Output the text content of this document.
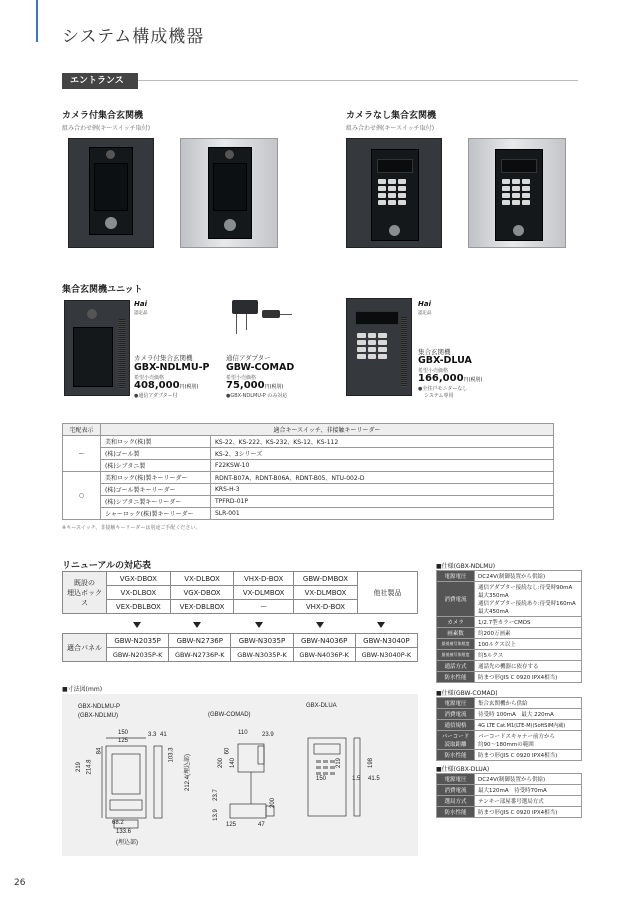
システム構成機器
エントランス
カメラ付集合玄関機
組み合わせ例(キースイッチ取付)
カメラなし集合玄関機
組み合わせ例(キースイッチ取付)
集合玄関機ユニット
Hai
認定品
カメラ付集合玄関機
GBX-NDLMU-P
希望小売価格
408,000円(税別)
●通信アダプター付
通信アダプター
GBW-COMAD
希望小売価格
75,000円(税別)
●GBX-NDLMU-P のみ対応
Hai
認定品
集合玄関機
GBX-DLUA
希望小売価格
166,000円(税別)
●全住戸モニターなし
システム専用
宅配表示	適合キースイッチ、非接触キーリーダー	
ー	美和ロック(株)製	KS-22、KS-222、KS-232、KS-12、KS-112
	(株)ゴール製	KS-2、3シリーズ
	(株)シブタニ製	F22KSW-10
○	美和ロック(株)製キーリーダー	RDNT-B07A、RDNT-B06A、RDNT-B05、NTU-002-D
	(株)ゴール製キーリーダー	KRS-H-3
	(株)シブタニ製キーリーダー	TPFRD-01P
	シャーロック(株)製キーリーダー	SLR-001
※キースイッチ、非接触キーリーダーは別途ご手配ください。
リニューアルの対応表
既設の
埋込ボックス	VGX-DBOX	VX-DLBOX	VHX-D-BOX	GBW-DMBOX	他社製品
	VX-DLBOX	VGX-DBOX	VX-DLMBOX	VX-DLMBOX	
	VEX-DBLBOX	VEX-DBLBOX	ー	VHX-D-BOX	
適合パネル	GBW-N2035P	GBW-N2736P	GBW-N3035P	GBW-N4036P	GBW-N3040P
	GBW-N2035P-K	GBW-N2736P-K	GBW-N3035P-K	GBW-N4036P-K	GBW-N3040P-K
■寸法図(mm)
GBX-NDLMU-P
(GBX-NDLMU)	(GBW-COMAD)
GBX-DLUA
150
125
3.3 41
219 214.8
84	103.3	212.4(埋込部)
68.2
133.6
(埋込部)
110 23.9
60
200 140
23.7
13.9
125	47
200
219	198
150	1.5 41.5
■仕様(GBX-NDLMU)
電源電圧	DC24V(制御装置から供給)
消費電流	通信アダプター接続なし:待受時90mA
最大350mA
通信アダプター接続あり:待受時160mA
最大450mA
カメラ	1/2.7型カラーCMOS
画素数	約200万画素
最低被写体照度	100ルクス以上
最低被写体照度	約5ルクス
通話方式	通話先の機器に依存する
防水性能	防まつ形(JIS C 0920 IPX4相当)
■仕様(GBW-COMAD)
電源電圧	集合玄関機から供給
消費電流	待受時 100mA　最大 220mA
通信規格	4G LTE Cat.M1(LTE-M)(SoftSIM内蔵)
バーコード
読取距離	バーコードスキャナー前方から
約90〜180mmの範囲
防水性能	防まつ形(JIS C 0920 IPX4相当)
■仕様(GBX-DLUA)
電源電圧	DC24V(制御装置から供給)
消費電流	最大120mA　待受時70mA
選局方式	テンキー部屋番号選局方式
防水性能	防まつ形(JIS C 0920 IPX4相当)
26
